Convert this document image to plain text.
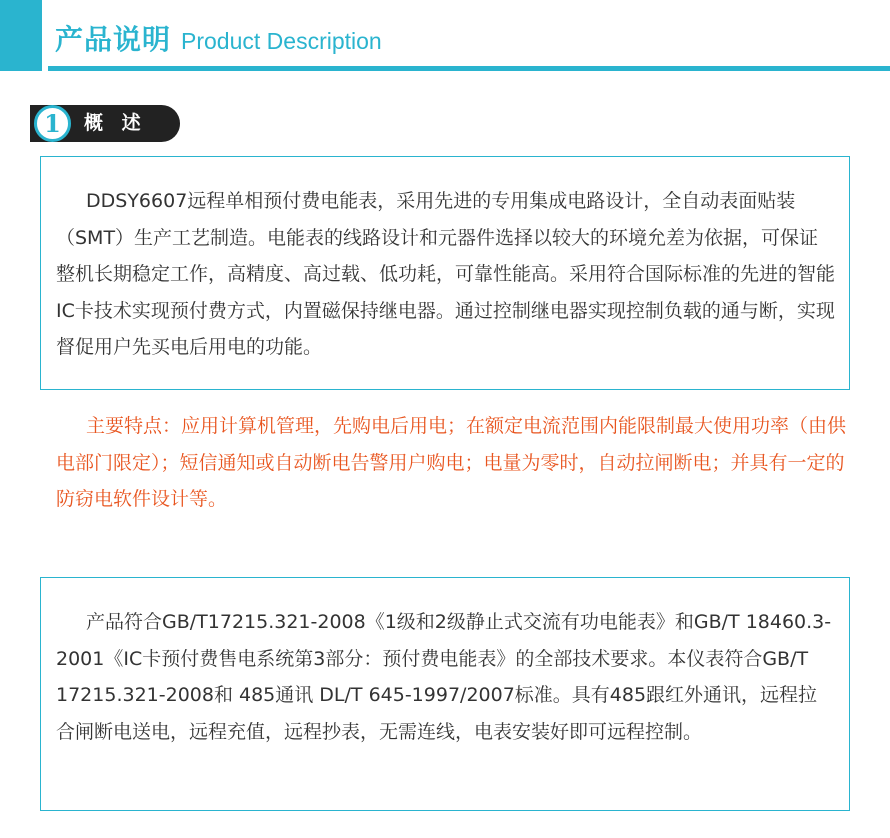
产品说明 Product Description
1	概 述

DDSY6607远程单相预付费电能表，采用先进的专用集成电路设计，全自动表面贴装（SMT）生产工艺制造。电能表的线路设计和元器件选择以较大的环境允差为依据，可保证整机长期稳定工作，高精度、高过载、低功耗，可靠性能高。采用符合国际标准的先进的智能IC卡技术实现预付费方式，内置磁保持继电器。通过控制继电器实现控制负载的通与断，实现督促用户先买电后用电的功能。

主要特点：应用计算机管理，先购电后用电；在额定电流范围内能限制最大使用功率（由供电部门限定）；短信通知或自动断电告警用户购电；电量为零时，自动拉闸断电；并具有一定的防窃电软件设计等。

产品符合GB/T17215.321-2008《1级和2级静止式交流有功电能表》和GB/T 18460.3-2001《IC卡预付费售电系统第3部分：预付费电能表》的全部技术要求。本仪表符合GB/T 17215.321-2008和 485通讯 DL/T 645-1997/2007标准。具有485跟红外通讯，远程拉合闸断电送电，远程充值，远程抄表，无需连线，电表安装好即可远程控制。
